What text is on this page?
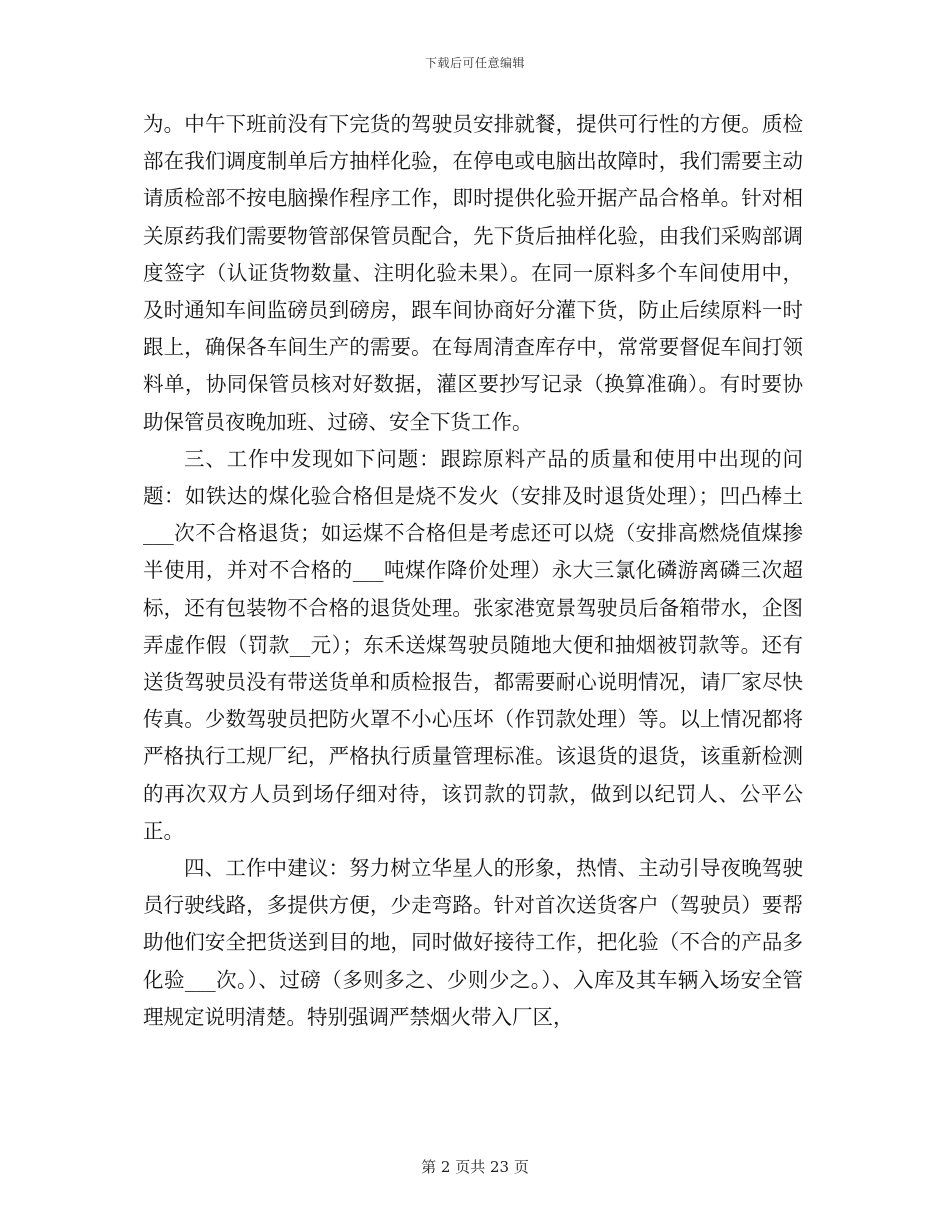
下载后可任意编辑

为。中午下班前没有下完货的驾驶员安排就餐，提供可行性的方便。质检部在我们调度制单后方抽样化验，在停电或电脑出故障时，我们需要主动请质检部不按电脑操作程序工作，即时提供化验开据产品合格单。针对相关原药我们需要物管部保管员配合，先下货后抽样化验，由我们采购部调度签字（认证货物数量、注明化验未果）。在同一原料多个车间使用中，及时通知车间监磅员到磅房，跟车间协商好分灌下货，防止后续原料一时跟上，确保各车间生产的需要。在每周清查库存中，常常要督促车间打领料单，协同保管员核对好数据，灌区要抄写记录（换算准确）。有时要协助保管员夜晚加班、过磅、安全下货工作。

三、工作中发现如下问题：跟踪原料产品的质量和使用中出现的问题：如铁达的煤化验合格但是烧不发火（安排及时退货处理）；凹凸棒土___次不合格退货；如运煤不合格但是考虑还可以烧（安排高燃烧值煤掺半使用，并对不合格的___吨煤作降价处理）永大三氯化磷游离磷三次超标，还有包装物不合格的退货处理。张家港宽景驾驶员后备箱带水，企图弄虚作假（罚款__元）；东禾送煤驾驶员随地大便和抽烟被罚款等。还有送货驾驶员没有带送货单和质检报告，都需要耐心说明情况，请厂家尽快传真。少数驾驶员把防火罩不小心压坏（作罚款处理）等。以上情况都将严格执行工规厂纪，严格执行质量管理标准。该退货的退货，该重新检测的再次双方人员到场仔细对待，该罚款的罚款，做到以纪罚人、公平公正。

四、工作中建议：努力树立华星人的形象，热情、主动引导夜晚驾驶员行驶线路，多提供方便，少走弯路。针对首次送货客户（驾驶员）要帮助他们安全把货送到目的地，同时做好接待工作，把化验（不合的产品多化验___次。）、过磅（多则多之、少则少之。）、入库及其车辆入场安全管理规定说明清楚。特别强调严禁烟火带入厂区，

第 2 页共 23 页
